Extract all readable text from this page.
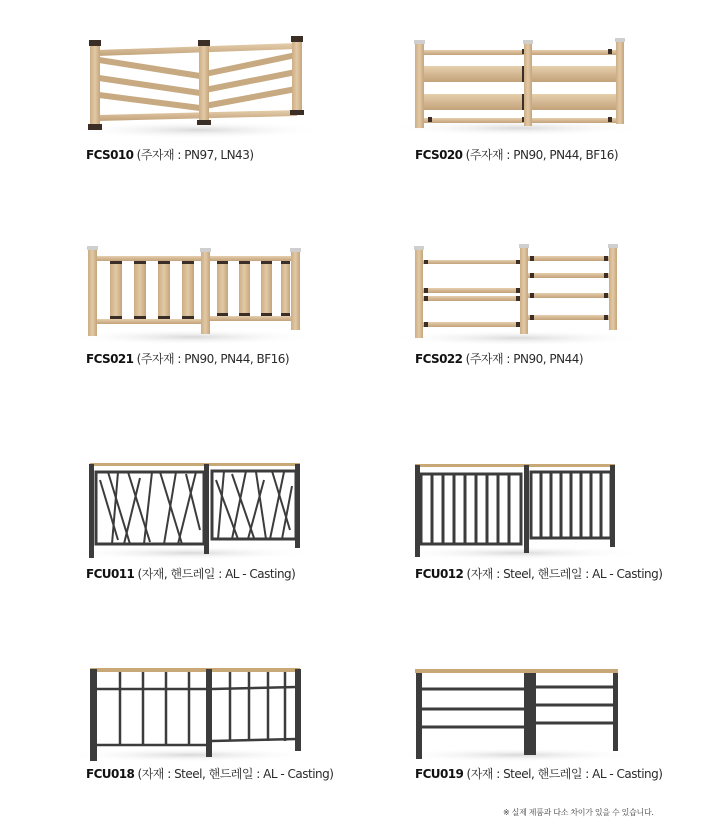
FCS010 (주자재 : PN97, LN43)	FCS020 (주자재 : PN90, PN44, BF16)
FCS021 (주자재 : PN90, PN44, BF16)	FCS022 (주자재 : PN90, PN44)
FCU011 (자재, 핸드레일 : AL - Casting)	FCU012 (자재 : Steel, 핸드레일 : AL - Casting)
FCU018 (자재 : Steel, 핸드레일 : AL - Casting)	FCU019 (자재 : Steel, 핸드레일 : AL - Casting)
※ 실제 제품과 다소 차이가 있을 수 있습니다.
